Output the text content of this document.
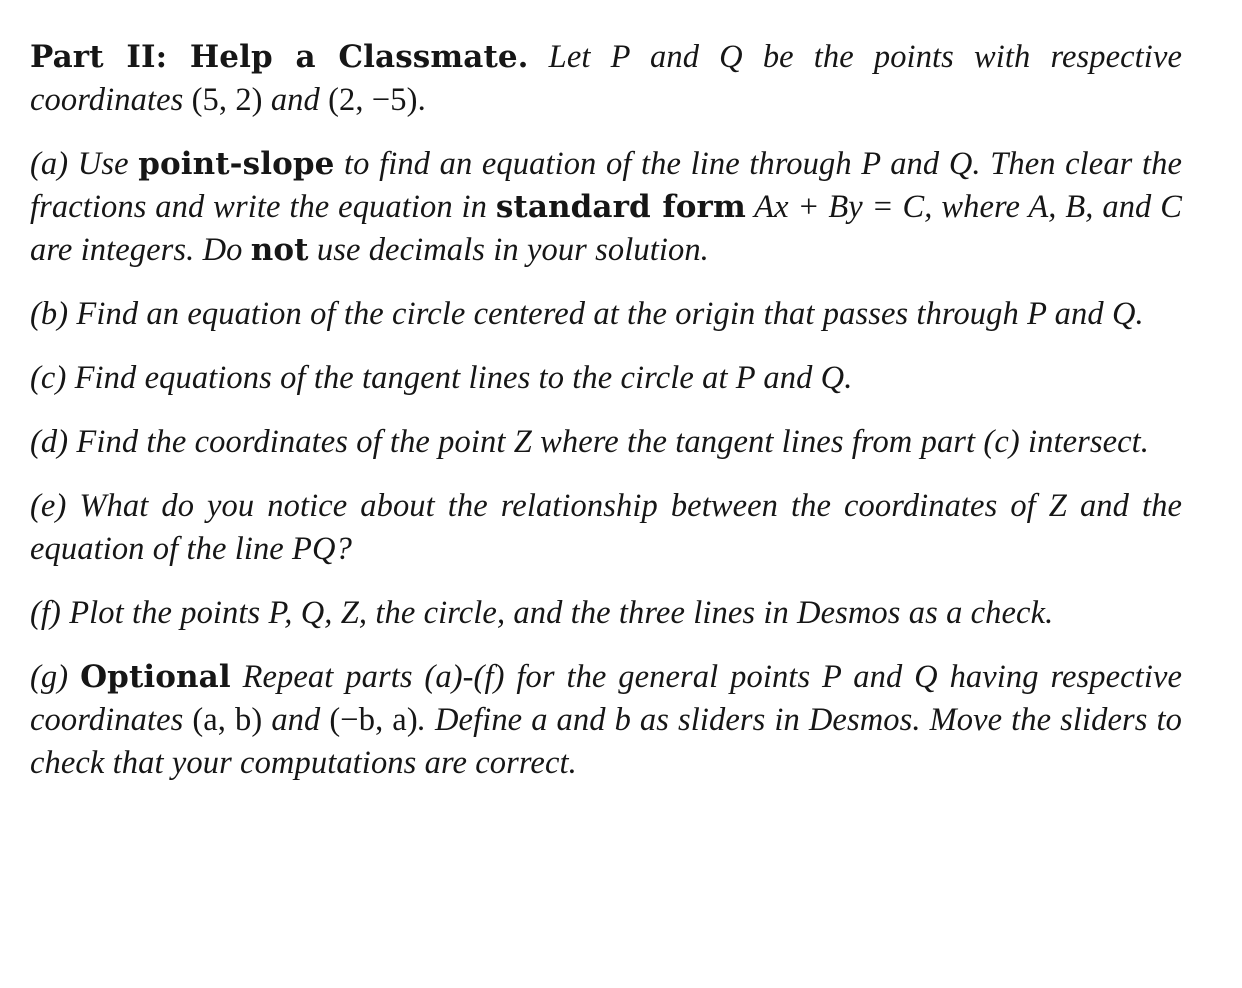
Part II: Help a Classmate. Let P and Q be the points with respective coordinates (5, 2) and (2, −5).

(a) Use point-slope to find an equation of the line through P and Q. Then clear the fractions and write the equation in standard form Ax + By = C, where A, B, and C are integers. Do not use decimals in your solution.

(b) Find an equation of the circle centered at the origin that passes through P and Q.

(c) Find equations of the tangent lines to the circle at P and Q.

(d) Find the coordinates of the point Z where the tangent lines from part (c) intersect.

(e) What do you notice about the relationship between the coordinates of Z and the equation of the line PQ?

(f) Plot the points P, Q, Z, the circle, and the three lines in Desmos as a check.

(g) Optional Repeat parts (a)-(f) for the general points P and Q having respective coordinates (a, b) and (−b, a). Define a and b as sliders in Desmos. Move the sliders to check that your computations are correct.
